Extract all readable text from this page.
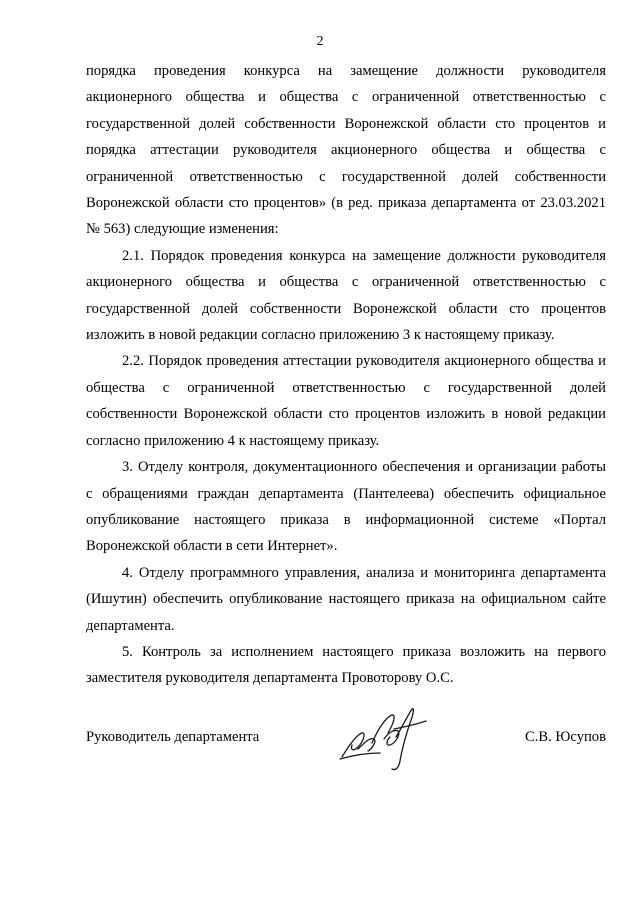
2

порядка проведения конкурса на замещение должности руководителя акционерного общества и общества с ограниченной ответственностью с государственной долей собственности Воронежской области сто процентов и порядка аттестации руководителя акционерного общества и общества с ограниченной ответственностью с государственной долей собственности Воронежской области сто процентов» (в ред. приказа департамента от 23.03.2021 № 563) следующие изменения:

2.1. Порядок проведения конкурса на замещение должности руководителя акционерного общества и общества с ограниченной ответственностью с государственной долей собственности Воронежской области сто процентов изложить в новой редакции согласно приложению 3 к настоящему приказу.

2.2. Порядок проведения аттестации руководителя акционерного общества и общества с ограниченной ответственностью с государственной долей собственности Воронежской области сто процентов изложить в новой редакции согласно приложению 4 к настоящему приказу.

3. Отделу контроля, документационного обеспечения и организации работы с обращениями граждан департамента (Пантелеева) обеспечить официальное опубликование настоящего приказа в информационной системе «Портал Воронежской области в сети Интернет».

4. Отделу программного управления, анализа и мониторинга департамента (Ишутин) обеспечить опубликование настоящего приказа на официальном сайте департамента.

5. Контроль за исполнением настоящего приказа возложить на первого заместителя руководителя департамента Провоторову О.С.

Руководитель департамента	С.В. Юсупов
